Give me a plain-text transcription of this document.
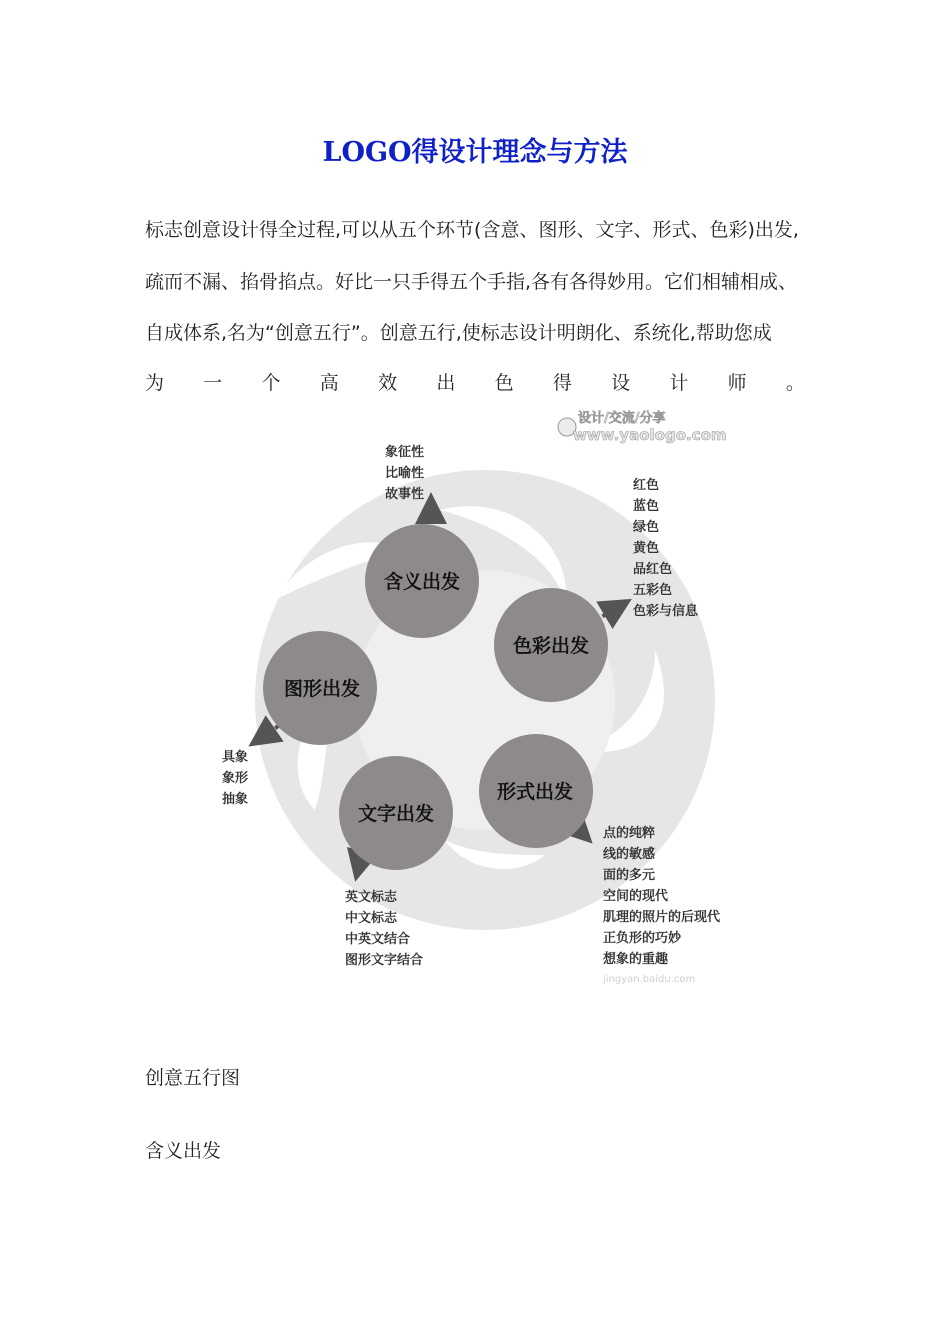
LOGO得设计理念与方法
标志创意设计得全过程,可以从五个环节(含意、图形、文字、形式、色彩)出发,
疏而不漏、掐骨掐点。好比一只手得五个手指,各有各得妙用。它们相辅相成、
自成体系,名为“创意五行”。创意五行,使标志设计明朗化、系统化,帮助您成
为 一 个 高 效 出 色 得 设 计 师 。
含义出发
色彩出发
形式出发
文字出发
图形出发
象征性
比喻性
故事性
红色
蓝色
绿色
黄色
品红色
五彩色
色彩与信息
点的纯粹
线的敏感
面的多元
空间的现代
肌理的照片的后现代
正负形的巧妙
想象的重趣
英文标志
中文标志
中英文结合
图形文字结合
具象
象形
抽象
设计/交流/分享
www.yaologo.com
jingyan.baidu.com
创意五行图
含义出发
